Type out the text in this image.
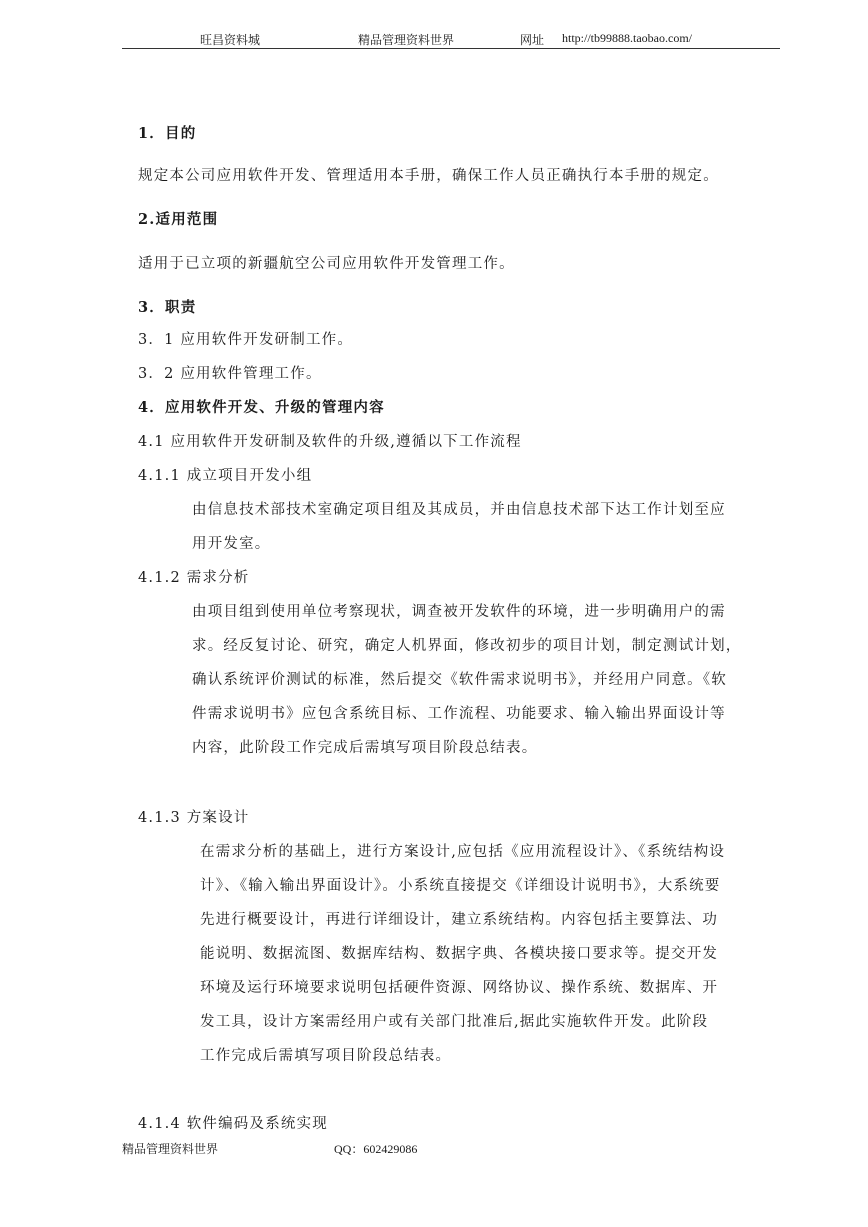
旺昌资料城	精品管理资料世界	网址 http://tb99888.taobao.com/
1．目的
规定本公司应用软件开发、管理适用本手册，确保工作人员正确执行本手册的规定。
2.适用范围
适用于已立项的新疆航空公司应用软件开发管理工作。
3．职责
3．1 应用软件开发研制工作。
3．2 应用软件管理工作。
4．应用软件开发、升级的管理内容
4.1 应用软件开发研制及软件的升级,遵循以下工作流程
4.1.1 成立项目开发小组
由信息技术部技术室确定项目组及其成员，并由信息技术部下达工作计划至应
用开发室。
4.1.2 需求分析
由项目组到使用单位考察现状，调查被开发软件的环境，进一步明确用户的需
求。经反复讨论、研究，确定人机界面，修改初步的项目计划，制定测试计划，
确认系统评价测试的标准，然后提交《软件需求说明书》，并经用户同意。《软
件需求说明书》应包含系统目标、工作流程、功能要求、输入输出界面设计等
内容，此阶段工作完成后需填写项目阶段总结表。
4.1.3 方案设计
在需求分析的基础上，进行方案设计,应包括《应用流程设计》、《系统结构设
计》、《输入输出界面设计》。小系统直接提交《详细设计说明书》，大系统要
先进行概要设计，再进行详细设计，建立系统结构。内容包括主要算法、功
能说明、数据流图、数据库结构、数据字典、各模块接口要求等。提交开发
环境及运行环境要求说明包括硬件资源、网络协议、操作系统、数据库、开
发工具，设计方案需经用户或有关部门批准后,据此实施软件开发。此阶段
工作完成后需填写项目阶段总结表。
4.1.4 软件编码及系统实现
精品管理资料世界	QQ：602429086
